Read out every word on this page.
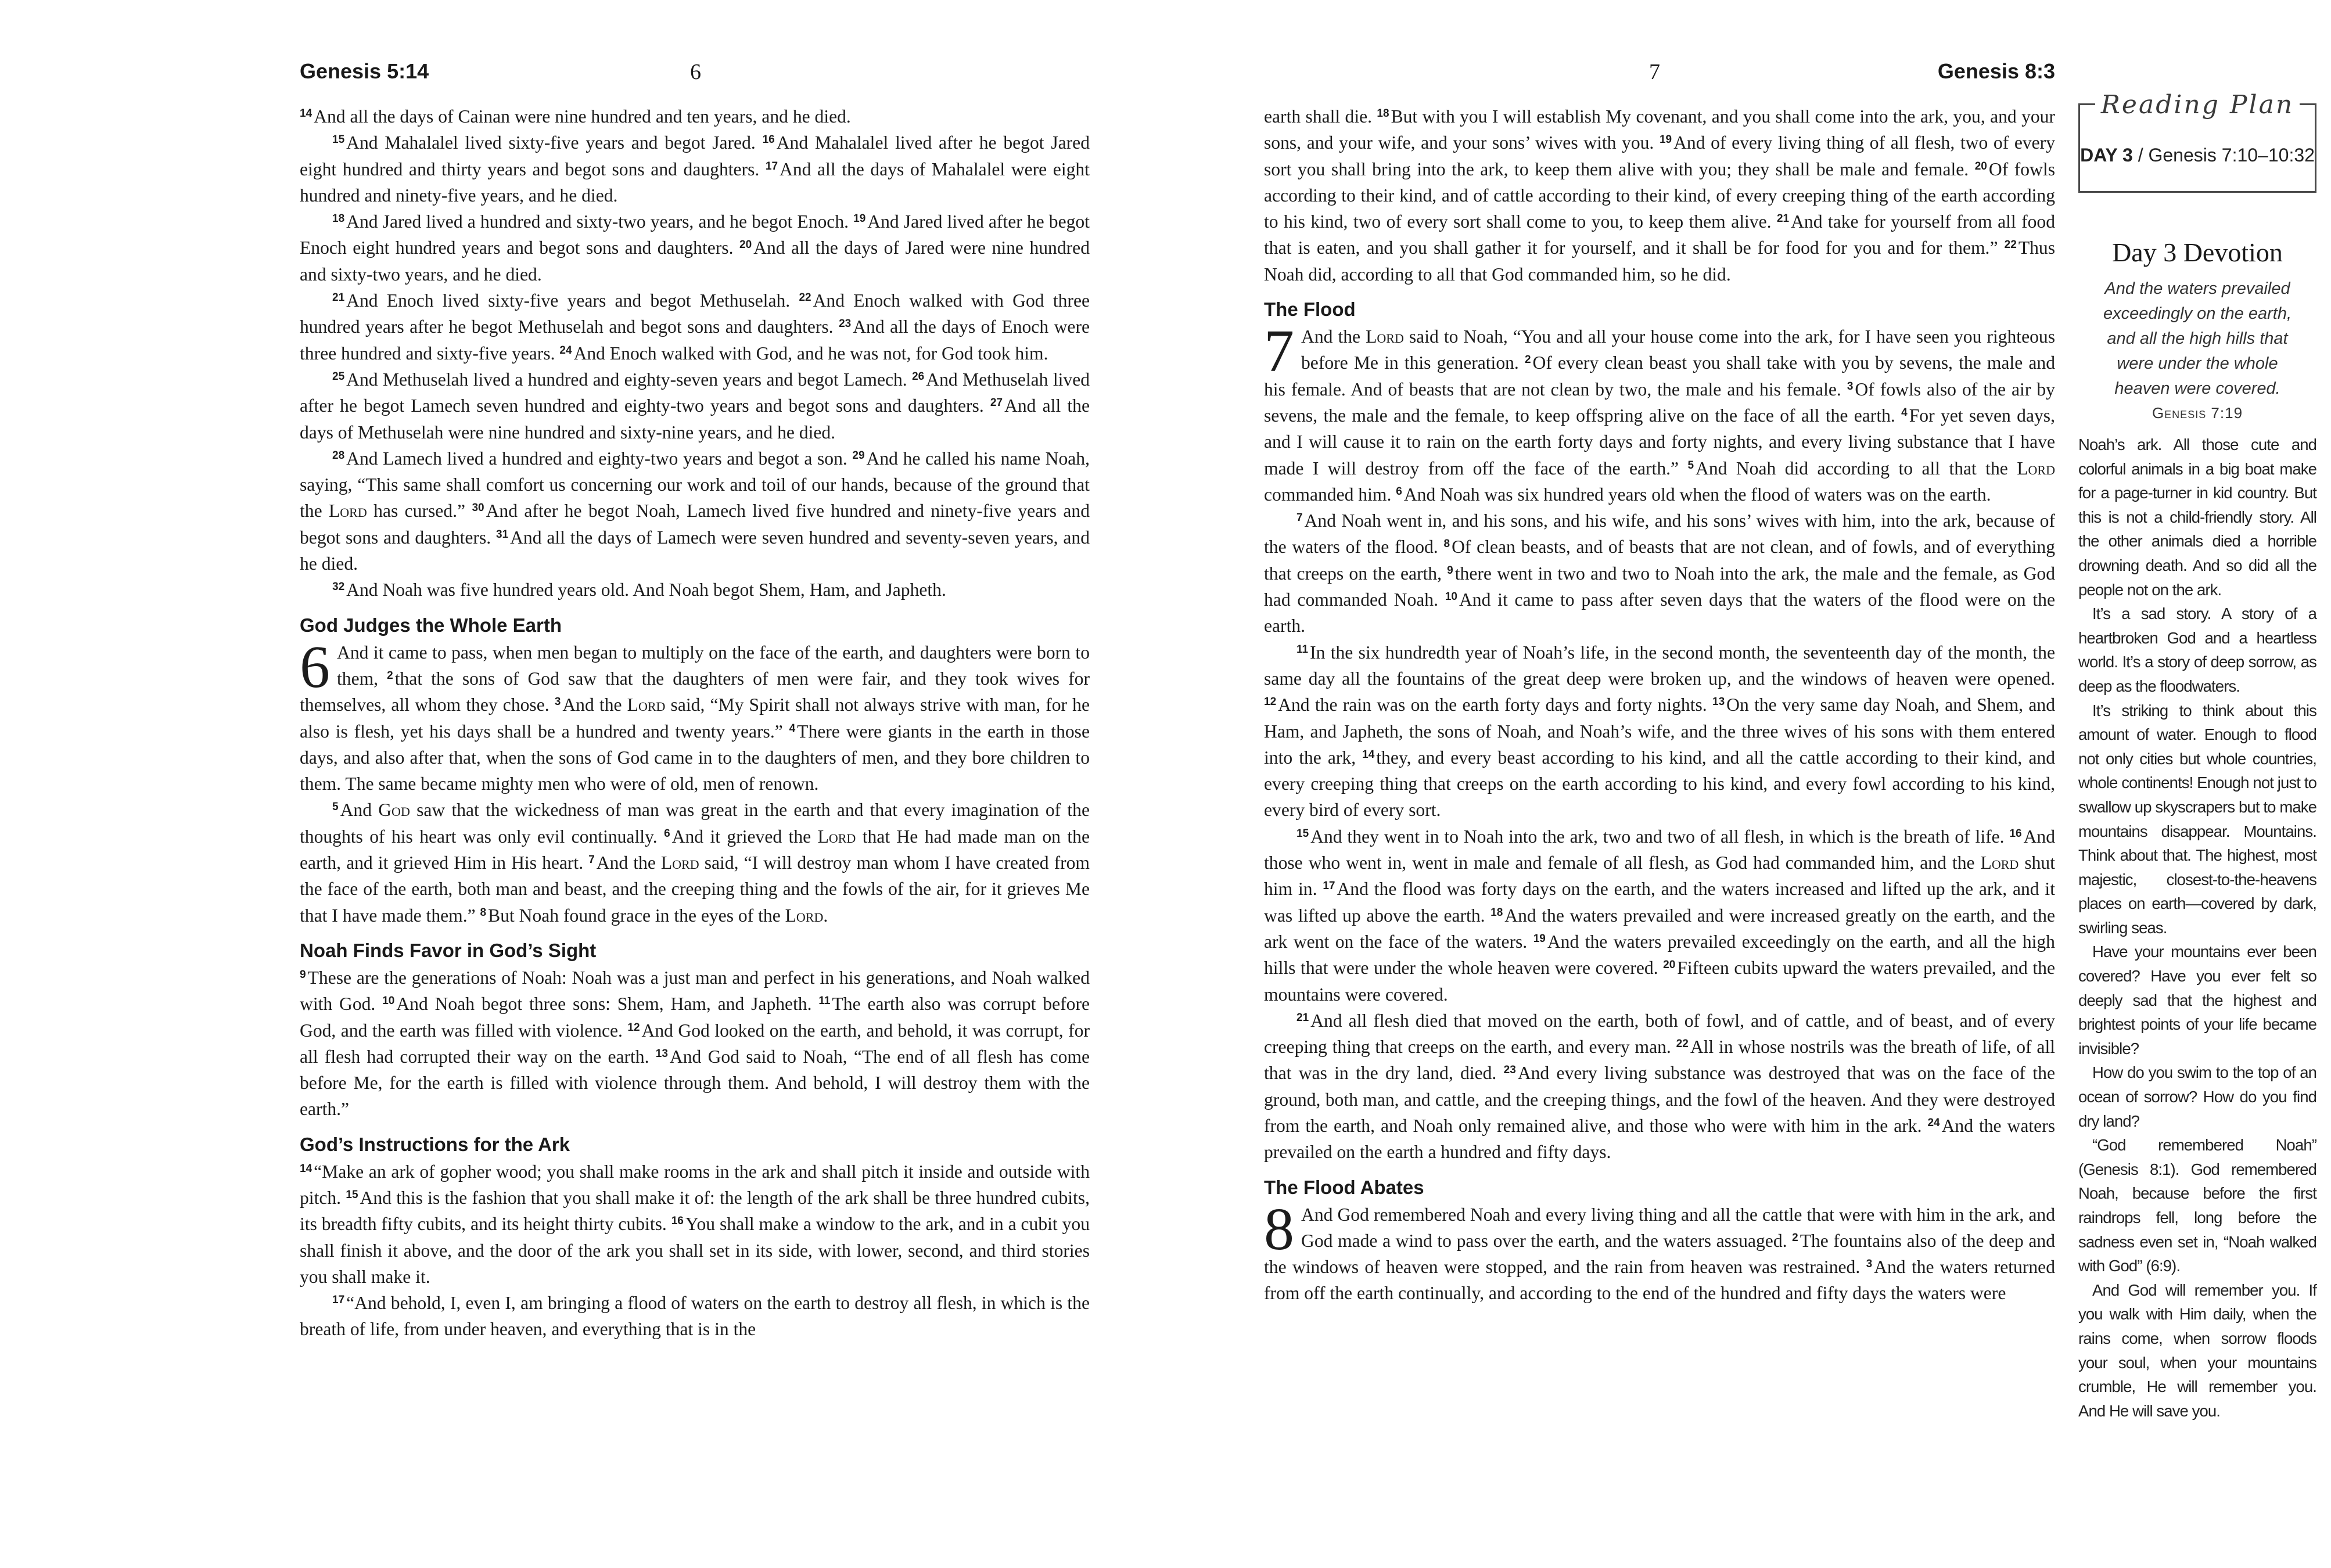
Genesis 5:14	6

$^{14}$And all the days of Cainan were nine hundred and ten years, and he died.

$^{15}$And Mahalalel lived sixty-five years and begot Jared. $^{16}$And Mahalalel lived after he begot Jared eight hundred and thirty years and begot sons and daughters. $^{17}$And all the days of Mahalalel were eight hundred and ninety-five years, and he died.

$^{18}$And Jared lived a hundred and sixty-two years, and he begot Enoch. $^{19}$And Jared lived after he begot Enoch eight hundred years and begot sons and daughters. $^{20}$And all the days of Jared were nine hundred and sixty-two years, and he died.

$^{21}$And Enoch lived sixty-five years and begot Methuselah. $^{22}$And Enoch walked with God three hundred years after he begot Methuselah and begot sons and daughters. $^{23}$And all the days of Enoch were three hundred and sixty-five years. $^{24}$And Enoch walked with God, and he was not, for God took him.

$^{25}$And Methuselah lived a hundred and eighty-seven years and begot Lamech. $^{26}$And Methuselah lived after he begot Lamech seven hundred and eighty-two years and begot sons and daughters. $^{27}$And all the days of Methuselah were nine hundred and sixty-nine years, and he died.

$^{28}$And Lamech lived a hundred and eighty-two years and begot a son. $^{29}$And he called his name Noah, saying, “This same shall comfort us concerning our work and toil of our hands, because of the ground that the Lord has cursed.” $^{30}$And after he begot Noah, Lamech lived five hundred and ninety-five years and begot sons and daughters. $^{31}$And all the days of Lamech were seven hundred and seventy-seven years, and he died.

$^{32}$And Noah was five hundred years old. And Noah begot Shem, Ham, and Japheth.

God Judges the Whole Earth

6 And it came to pass, when men began to multiply on the face of the earth, and daughters were born to them, $^2$that the sons of God saw that the daughters of men were fair, and they took wives for themselves, all whom they chose. $^3$And the Lord said, “My Spirit shall not always strive with man, for he also is flesh, yet his days shall be a hundred and twenty years.” $^4$There were giants in the earth in those days, and also after that, when the sons of God came in to the daughters of men, and they bore children to them. The same became mighty men who were of old, men of renown.

$^5$And God saw that the wickedness of man was great in the earth and that every imagination of the thoughts of his heart was only evil continually. $^6$And it grieved the Lord that He had made man on the earth, and it grieved Him in His heart. $^7$And the Lord said, “I will destroy man whom I have created from the face of the earth, both man and beast, and the creeping thing and the fowls of the air, for it grieves Me that I have made them.” $^8$But Noah found grace in the eyes of the Lord.

Noah Finds Favor in God’s Sight

$^9$These are the generations of Noah: Noah was a just man and perfect in his generations, and Noah walked with God. $^{10}$And Noah begot three sons: Shem, Ham, and Japheth. $^{11}$The earth also was corrupt before God, and the earth was filled with violence. $^{12}$And God looked on the earth, and behold, it was corrupt, for all flesh had corrupted their way on the earth. $^{13}$And God said to Noah, “The end of all flesh has come before Me, for the earth is filled with violence through them. And behold, I will destroy them with the earth.”

God’s Instructions for the Ark

$^{14}$“Make an ark of gopher wood; you shall make rooms in the ark and shall pitch it inside and outside with pitch. $^{15}$And this is the fashion that you shall make it of: the length of the ark shall be three hundred cubits, its breadth fifty cubits, and its height thirty cubits. $^{16}$You shall make a window to the ark, and in a cubit you shall finish it above, and the door of the ark you shall set in its side, with lower, second, and third stories you shall make it.

$^{17}$“And behold, I, even I, am bringing a flood of waters on the earth to destroy all flesh, in which is the breath of life, from under heaven, and everything that is in the

7	Genesis 8:3

earth shall die. $^{18}$But with you I will establish My covenant, and you shall come into the ark, you, and your sons, and your wife, and your sons’ wives with you. $^{19}$And of every living thing of all flesh, two of every sort you shall bring into the ark, to keep them alive with you; they shall be male and female. $^{20}$Of fowls according to their kind, and of cattle according to their kind, of every creeping thing of the earth according to his kind, two of every sort shall come to you, to keep them alive. $^{21}$And take for yourself from all food that is eaten, and you shall gather it for yourself, and it shall be for food for you and for them.” $^{22}$Thus Noah did, according to all that God commanded him, so he did.

The Flood

7 And the Lord said to Noah, “You and all your house come into the ark, for I have seen you righteous before Me in this generation. $^2$Of every clean beast you shall take with you by sevens, the male and his female. And of beasts that are not clean by two, the male and his female. $^3$Of fowls also of the air by sevens, the male and the female, to keep offspring alive on the face of all the earth. $^4$For yet seven days, and I will cause it to rain on the earth forty days and forty nights, and every living substance that I have made I will destroy from off the face of the earth.” $^5$And Noah did according to all that the Lord commanded him. $^6$And Noah was six hundred years old when the flood of waters was on the earth.

$^7$And Noah went in, and his sons, and his wife, and his sons’ wives with him, into the ark, because of the waters of the flood. $^8$Of clean beasts, and of beasts that are not clean, and of fowls, and of everything that creeps on the earth, $^9$there went in two and two to Noah into the ark, the male and the female, as God had commanded Noah. $^{10}$And it came to pass after seven days that the waters of the flood were on the earth.

$^{11}$In the six hundredth year of Noah’s life, in the second month, the seventeenth day of the month, the same day all the fountains of the great deep were broken up, and the windows of heaven were opened. $^{12}$And the rain was on the earth forty days and forty nights. $^{13}$On the very same day Noah, and Shem, and Ham, and Japheth, the sons of Noah, and Noah’s wife, and the three wives of his sons with them entered into the ark, $^{14}$they, and every beast according to his kind, and all the cattle according to their kind, and every creeping thing that creeps on the earth according to his kind, and every fowl according to his kind, every bird of every sort.

$^{15}$And they went in to Noah into the ark, two and two of all flesh, in which is the breath of life. $^{16}$And those who went in, went in male and female of all flesh, as God had commanded him, and the Lord shut him in. $^{17}$And the flood was forty days on the earth, and the waters increased and lifted up the ark, and it was lifted up above the earth. $^{18}$And the waters prevailed and were increased greatly on the earth, and the ark went on the face of the waters. $^{19}$And the waters prevailed exceedingly on the earth, and all the high hills that were under the whole heaven were covered. $^{20}$Fifteen cubits upward the waters prevailed, and the mountains were covered.

$^{21}$And all flesh died that moved on the earth, both of fowl, and of cattle, and of beast, and of every creeping thing that creeps on the earth, and every man. $^{22}$All in whose nostrils was the breath of life, of all that was in the dry land, died. $^{23}$And every living substance was destroyed that was on the face of the ground, both man, and cattle, and the creeping things, and the fowl of the heaven. And they were destroyed from the earth, and Noah only remained alive, and those who were with him in the ark. $^{24}$And the waters prevailed on the earth a hundred and fifty days.

The Flood Abates

8 And God remembered Noah and every living thing and all the cattle that were with him in the ark, and God made a wind to pass over the earth, and the waters assuaged. $^2$The fountains also of the deep and the windows of heaven were stopped, and the rain from heaven was restrained. $^3$And the waters returned from off the earth continually, and according to the end of the hundred and fifty days the waters were

Reading Plan
DAY 3 / Genesis 7:10–10:32
Day 3 Devotion
And the waters prevailed exceedingly on the earth, and all the high hills that were under the whole heaven were covered.
Genesis 7:19

Noah’s ark. All those cute and colorful animals in a big boat make for a page-turner in kid country. But this is not a child-friendly story. All the other animals died a horrible drowning death. And so did all the people not on the ark.

It’s a sad story. A story of a heartbroken God and a heartless world. It’s a story of deep sorrow, as deep as the floodwaters.

It’s striking to think about this amount of water. Enough to flood not only cities but whole countries, whole continents! Enough not just to swallow up skyscrapers but to make mountains disappear. Mountains. Think about that. The highest, most majestic, closest-to-the-heavens places on earth—covered by dark, swirling seas.

Have your mountains ever been covered? Have you ever felt so deeply sad that the highest and brightest points of your life became invisible?

How do you swim to the top of an ocean of sorrow? How do you find dry land?

“God remembered Noah” (Genesis 8:1). God remembered Noah, because before the first raindrops fell, long before the sadness even set in, “Noah walked with God” (6:9).

And God will remember you. If you walk with Him daily, when the rains come, when sorrow floods your soul, when your mountains crumble, He will remember you. And He will save you.
